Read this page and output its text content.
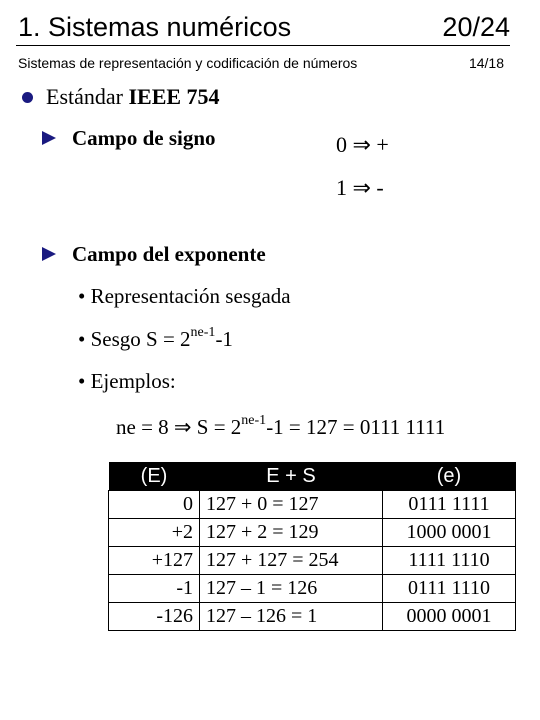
1. Sistemas numéricos	20/24
Sistemas de representación y codificación de números	14/18
Estándar IEEE 754
Campo de signo	0 ⇒ +
1 ⇒ -
Campo del exponente
• Representación sesgada
• Sesgo $S = 2^{ne-1}-1$
• Ejemplos:
ne = 8 ⇒ $S = 2^{ne-1}-1 = 127 = 0111$ 1111
(E)	E + S	(e)
0	127 + 0 = 127	0111 1111
+2	127 + 2 = 129	1000 0001
+127	127 + 127 = 254	1111 1110
-1	127 – 1 = 126	0111 1110
-126	127 – 126 = 1	0000 0001
